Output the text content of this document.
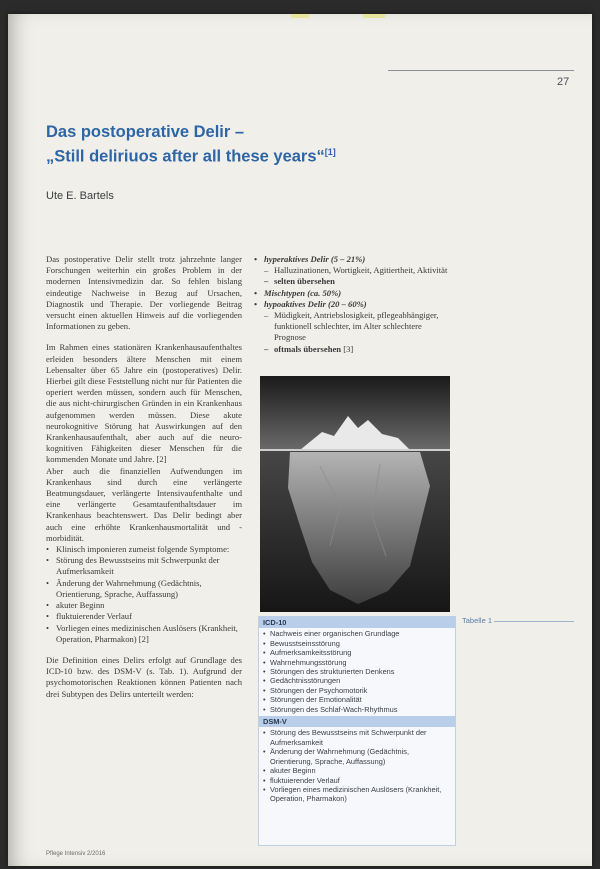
27
Das postoperative Delir –
„Still deliriuos after all these years“[1]
Ute E. Bartels

Das postoperative Delir stellt trotz jahrzehnte langer Forschungen weiterhin ein großes Problem in der modernen Intensivmedizin dar. So fehlen bislang eindeutige Nachweise in Bezug auf Ursachen, Diagnostik und Therapie. Der vorliegende Beitrag versucht einen aktuellen Hinweis auf die vorliegenden Informationen zu geben.

Im Rahmen eines stationären Krankenhausaufenthaltes erleiden besonders ältere Menschen mit einem Lebensalter über 65 Jahre ein (postoperatives) Delir. Hierbei gilt diese Feststellung nicht nur für Patienten die operiert werden müssen, sondern auch für Menschen, die aus nicht-chirurgischen Gründen in ein Krankenhaus aufgenommen werden müssen. Diese akute neurokognitive Störung hat Auswirkungen auf den Krankenhausaufenthalt, aber auch auf die neuro-kognitiven Fähigkeiten dieser Menschen für die kommenden Monate und Jahre. [2]

Aber auch die finanziellen Aufwendungen im Krankenhaus sind durch eine verlängerte Beatmungsdauer, verlängerte Intensivaufenthalte und eine verlängerte Gesamtaufenthaltsdauer im Krankenhaus beachtenswert. Das Delir bedingt aber auch eine erhöhte Krankenhausmortalität und -morbidität.

• Klinisch imponieren zumeist folgende Symptome:
• Störung des Bewusstseins mit Schwerpunkt der Aufmerksamkeit
• Änderung der Wahrnehmung (Gedächtnis, Orientierung, Sprache, Auffassung)
• akuter Beginn
• fluktuierender Verlauf
• Vorliegen eines medizinischen Auslösers (Krankheit, Operation, Pharmakon) [2]

Die Definition eines Delirs erfolgt auf Grundlage des ICD-10 bzw. des DSM-V (s. Tab. 1). Aufgrund der psychomotorischen Reaktionen können Patienten nach drei Subtypen des Delirs unterteilt werden:

• hyperaktives Delir (5 – 21%)
– Halluzinationen, Wortigkeit, Agitiertheit, Aktivität
– selten übersehen
• Mischtypen (ca. 50%)
• hypoaktives Delir (20 – 60%)
– Müdigkeit, Antriebslosigkeit, pflegeabhängiger, funktionell schlechter, im Alter schlechtere Prognose
– oftmals übersehen [3]
ICD-10
• Nachweis einer organischen Grundlage
• Bewusstseinsstörung
• Aufmerksamkeitsstörung
• Wahrnehmungsstörung
• Störungen des strukturierten Denkens
• Gedächtnisstörungen
• Störungen der Psychomotorik
• Störungen der Emotionalität
• Störungen des Schlaf-Wach-Rhythmus
DSM-V
• Störung des Bewusstseins mit Schwerpunkt der Aufmerksamkeit
• Änderung der Wahrnehmung (Gedächtnis, Orientierung, Sprache, Auffassung)
• akuter Beginn
• fluktuierender Verlauf
• Vorliegen eines medizinischen Auslösers (Krankheit, Operation, Pharmakon)
Tabelle 1
Pflege Intensiv 2/2016
